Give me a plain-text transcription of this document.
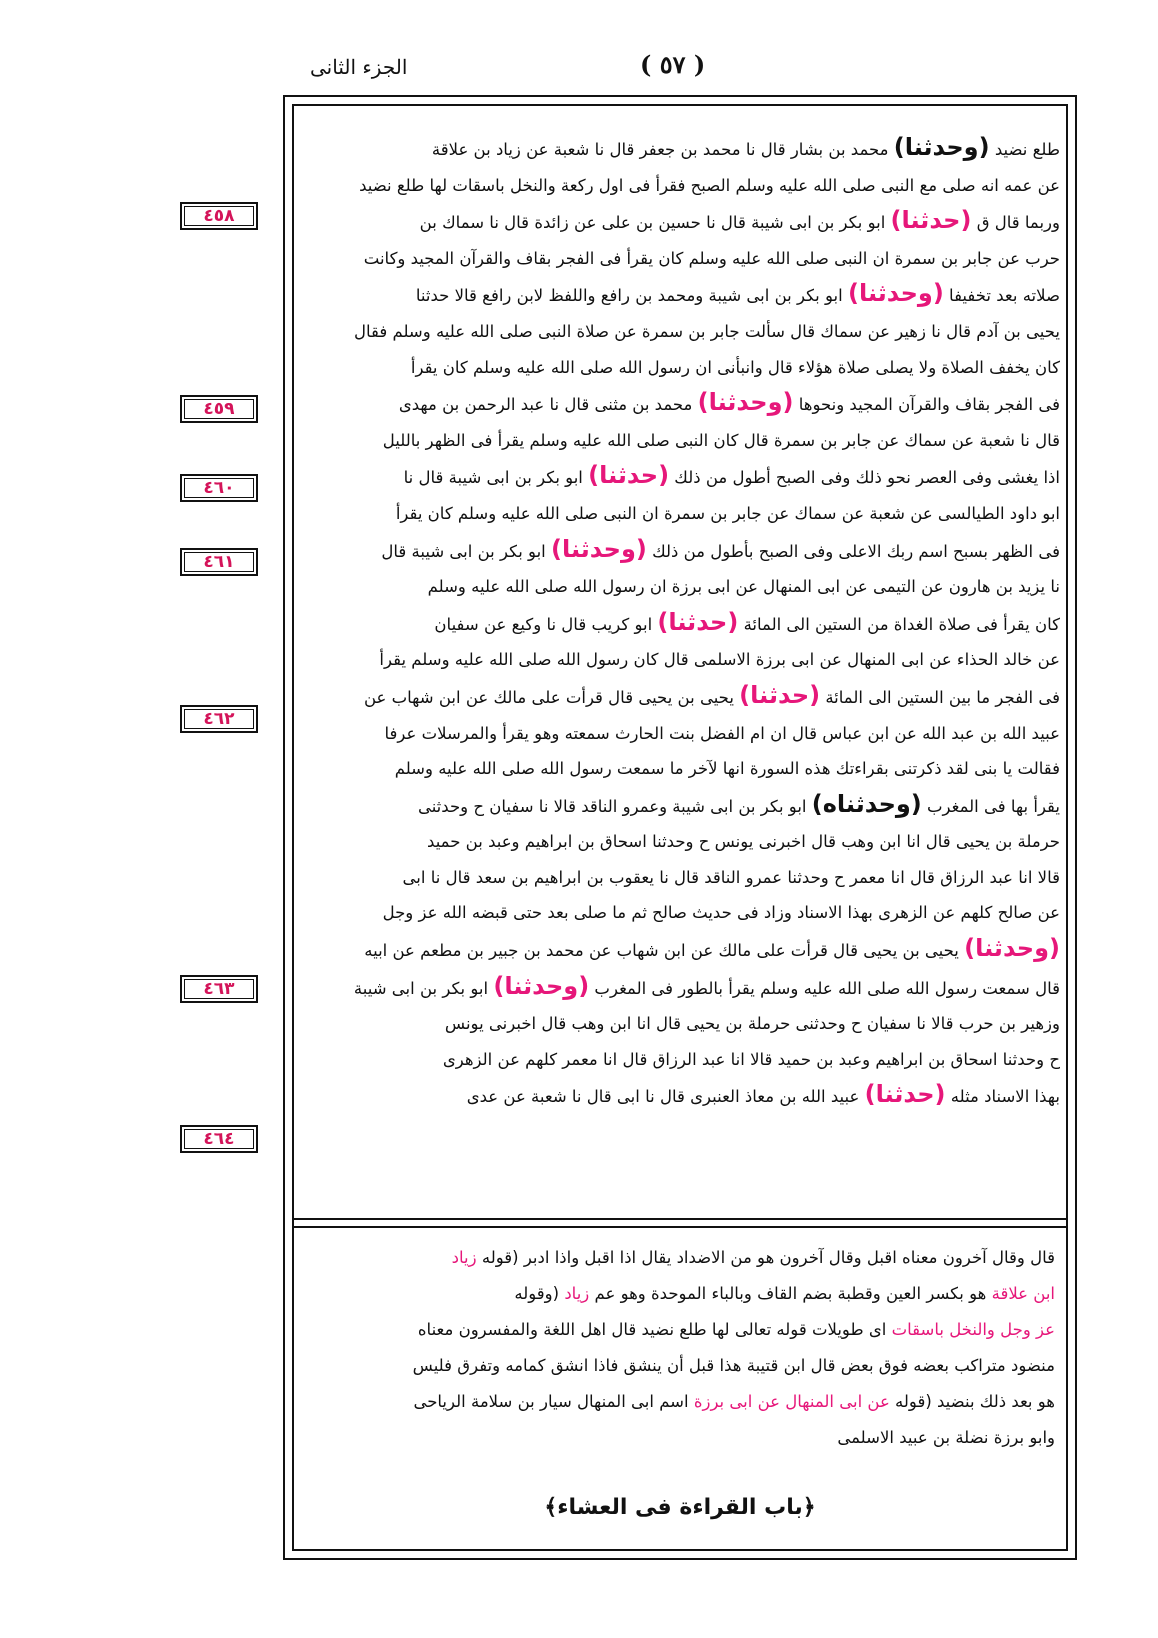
الجزء الثانى	( ٥٧ )
٤٥٨
٤٥٩
٤٦٠
٤٦١
٤٦٢
٤٦٣
٤٦٤

طلع نضيد (وحدثنا) محمد بن بشار قال نا محمد بن جعفر قال نا شعبة عن زياد بن علاقة

عن عمه انه صلى مع النبى صلى الله عليه وسلم الصبح فقرأ فى اول ركعة والنخل باسقات لها طلع نضيد

وربما قال ق (حدثنا) ابو بكر بن ابى شيبة قال نا حسين بن على عن زائدة قال نا سماك بن

حرب عن جابر بن سمرة ان النبى صلى الله عليه وسلم كان يقرأ فى الفجر بقاف والقرآن المجيد وكانت

صلاته بعد تخفيفا (وحدثنا) ابو بكر بن ابى شيبة ومحمد بن رافع واللفظ لابن رافع قالا حدثنا

يحيى بن آدم قال نا زهير عن سماك قال سألت جابر بن سمرة عن صلاة النبى صلى الله عليه وسلم فقال

كان يخفف الصلاة ولا يصلى صلاة هؤلاء قال وانبأنى ان رسول الله صلى الله عليه وسلم كان يقرأ

فى الفجر بقاف والقرآن المجيد ونحوها (وحدثنا) محمد بن مثنى قال نا عبد الرحمن بن مهدى

قال نا شعبة عن سماك عن جابر بن سمرة قال كان النبى صلى الله عليه وسلم يقرأ فى الظهر بالليل

اذا يغشى وفى العصر نحو ذلك وفى الصبح أطول من ذلك (حدثنا) ابو بكر بن ابى شيبة قال نا

ابو داود الطيالسى عن شعبة عن سماك عن جابر بن سمرة ان النبى صلى الله عليه وسلم كان يقرأ

فى الظهر بسبح اسم ربك الاعلى وفى الصبح بأطول من ذلك (وحدثنا) ابو بكر بن ابى شيبة قال

نا يزيد بن هارون عن التيمى عن ابى المنهال عن ابى برزة ان رسول الله صلى الله عليه وسلم

كان يقرأ فى صلاة الغداة من الستين الى المائة (حدثنا) ابو كريب قال نا وكيع عن سفيان

عن خالد الحذاء عن ابى المنهال عن ابى برزة الاسلمى قال كان رسول الله صلى الله عليه وسلم يقرأ

فى الفجر ما بين الستين الى المائة (حدثنا) يحيى بن يحيى قال قرأت على مالك عن ابن شهاب عن

عبيد الله بن عبد الله عن ابن عباس قال ان ام الفضل بنت الحارث سمعته وهو يقرأ والمرسلات عرفا

فقالت يا بنى لقد ذكرتنى بقراءتك هذه السورة انها لآخر ما سمعت رسول الله صلى الله عليه وسلم

يقرأ بها فى المغرب (وحدثناه) ابو بكر بن ابى شيبة وعمرو الناقد قالا نا سفيان ح وحدثنى

حرملة بن يحيى قال انا ابن وهب قال اخبرنى يونس ح وحدثنا اسحاق بن ابراهيم وعبد بن حميد

قالا انا عبد الرزاق قال انا معمر ح وحدثنا عمرو الناقد قال نا يعقوب بن ابراهيم بن سعد قال نا ابى

عن صالح كلهم عن الزهرى بهذا الاسناد وزاد فى حديث صالح ثم ما صلى بعد حتى قبضه الله عز وجل

(وحدثنا) يحيى بن يحيى قال قرأت على مالك عن ابن شهاب عن محمد بن جبير بن مطعم عن ابيه

قال سمعت رسول الله صلى الله عليه وسلم يقرأ بالطور فى المغرب (وحدثنا) ابو بكر بن ابى شيبة

وزهير بن حرب قالا نا سفيان ح وحدثنى حرملة بن يحيى قال انا ابن وهب قال اخبرنى يونس

ح وحدثنا اسحاق بن ابراهيم وعبد بن حميد قالا انا عبد الرزاق قال انا معمر كلهم عن الزهرى

بهذا الاسناد مثله (حدثنا) عبيد الله بن معاذ العنبرى قال نا ابى قال نا شعبة عن عدى

قال وقال آخرون معناه اقبل وقال آخرون هو من الاضداد يقال اذا اقبل واذا ادبر (قوله زياد

ابن علاقة هو بكسر العين وقطبة بضم القاف وبالباء الموحدة وهو عم زياد (وقوله

عز وجل والنخل باسقات اى طويلات قوله تعالى لها طلع نضيد قال اهل اللغة والمفسرون معناه

منضود متراكب بعضه فوق بعض قال ابن قتيبة هذا قبل أن ينشق فاذا انشق كمامه وتفرق فليس

هو بعد ذلك بنضيد (قوله عن ابى المنهال عن ابى برزة اسم ابى المنهال سيار بن سلامة الرياحى

وابو برزة نضلة بن عبيد الاسلمى

﴿باب القراءة فى العشاء﴾
